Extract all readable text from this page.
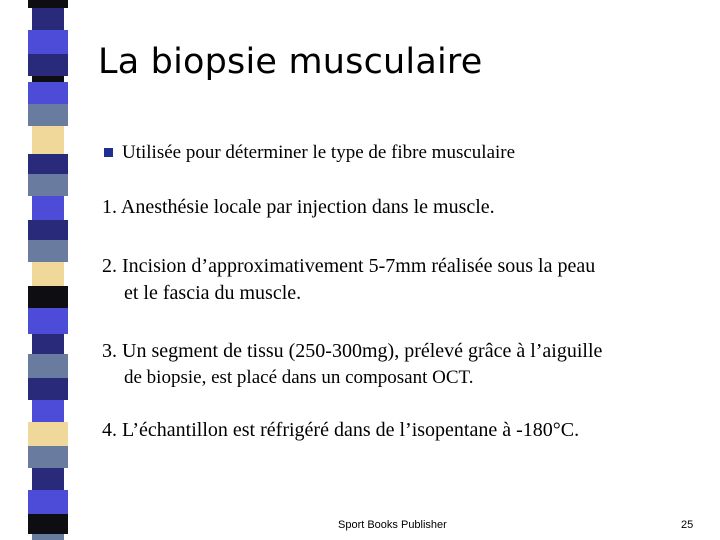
La biopsie musculaire
Utilisée pour déterminer le type de fibre musculaire
1. Anesthésie locale par injection dans le muscle.
2. Incision d’approximativement 5-7mm réalisée sous la peau
et le fascia du muscle.
3. Un segment de tissu (250-300mg), prélevé grâce à l’aiguille
de biopsie, est placé dans un composant OCT.
4. L’échantillon est réfrigéré dans de l’isopentane à -180°C.
Sport Books Publisher	25
